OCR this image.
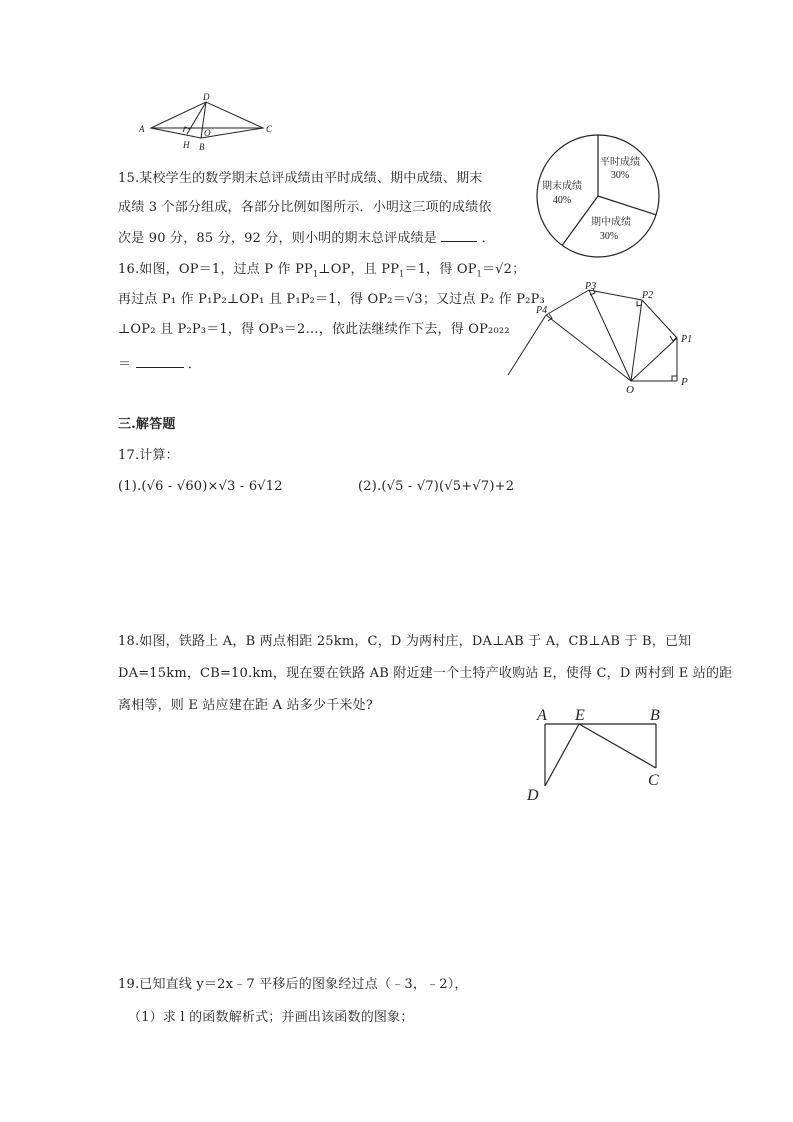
A
D
C
B
H
O
15.某校学生的数学期末总评成绩由平时成绩、期中成绩、期末
成绩 3 个部分组成，各部分比例如图所示．小明这三项的成绩依
次是 90 分，85 分，92 分，则小明的期末总评成绩是	．
平时成绩
30%
期中成绩
30%
期末成绩
40%
16.如图，OP＝1，过点 P 作 $PP_1\perp OP$，且 $PP_1=1$，得 $OP_1=√2$；
再过点 P₁ 作 P₁P₂⊥OP₁ 且 P₁P₂＝1，得 OP₂＝√3；又过点 P₂ 作 P₂P₃
⊥OP₂ 且 P₂P₃＝1，得 OP₃＝2…，依此法继续作下去，得 OP₂₀₂₂
＝	．
O
P
P1
P2
P3
P4
三.解答题
17.计算：
(1).(√6 - √60)×√3 - 6√12	(2).(√5 - √7)(√5+√7)+2
18.如图，铁路上 A，B 两点相距 25km，C，D 为两村庄，DA⊥AB 于 A，CB⊥AB 于 B，已知
DA=15km，CB=10.km，现在要在铁路 AB 附近建一个土特产收购站 E，使得 C，D 两村到 E 站的距
离相等，则 E 站应建在距 A 站多少千米处?
A E	B
C
D
19.已知直线 y＝2x﹣7 平移后的图象经过点（﹣3，﹣2），
（1）求 l 的函数解析式；并画出该函数的图象；
